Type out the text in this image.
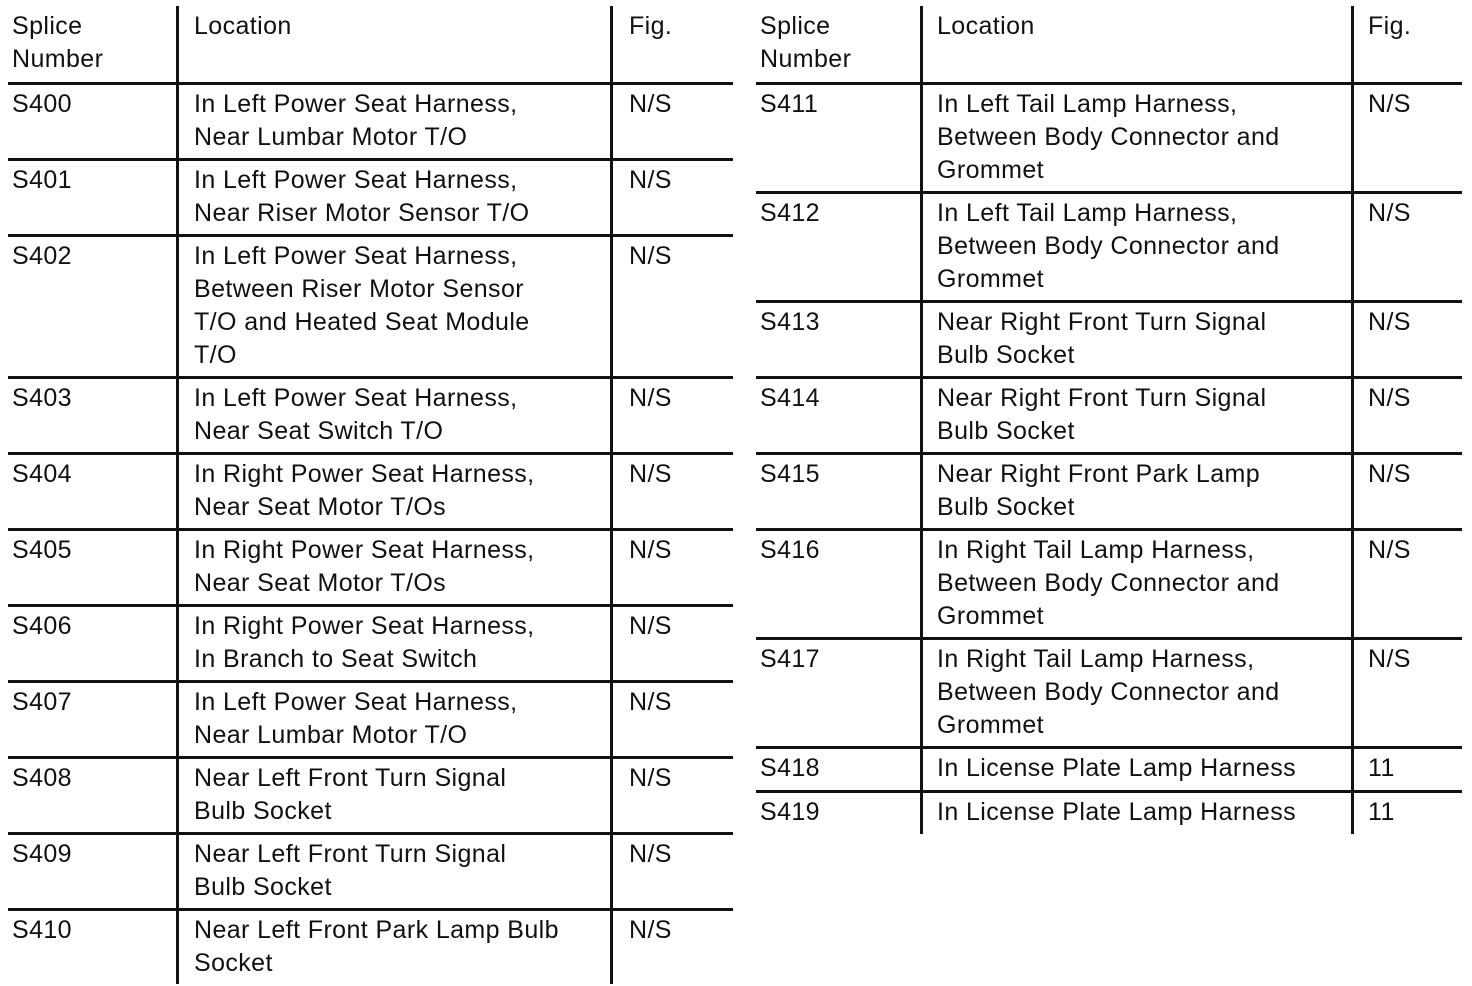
Splice
Number	Location	Fig.
S400	In Left Power Seat Harness,
Near Lumbar Motor T/O	N/S
S401	In Left Power Seat Harness,
Near Riser Motor Sensor T/O	N/S
S402	In Left Power Seat Harness,
Between Riser Motor Sensor
T/O and Heated Seat Module
T/O	N/S
S403	In Left Power Seat Harness,
Near Seat Switch T/O	N/S
S404	In Right Power Seat Harness,
Near Seat Motor T/Os	N/S
S405	In Right Power Seat Harness,
Near Seat Motor T/Os	N/S
S406	In Right Power Seat Harness,
In Branch to Seat Switch	N/S
S407	In Left Power Seat Harness,
Near Lumbar Motor T/O	N/S
S408	Near Left Front Turn Signal
Bulb Socket	N/S
S409	Near Left Front Turn Signal
Bulb Socket	N/S
S410	Near Left Front Park Lamp Bulb
Socket	N/S
Splice
Number	Location	Fig.
S411	In Left Tail Lamp Harness,
Between Body Connector and
Grommet	N/S
S412	In Left Tail Lamp Harness,
Between Body Connector and
Grommet	N/S
S413	Near Right Front Turn Signal
Bulb Socket	N/S
S414	Near Right Front Turn Signal
Bulb Socket	N/S
S415	Near Right Front Park Lamp
Bulb Socket	N/S
S416	In Right Tail Lamp Harness,
Between Body Connector and
Grommet	N/S
S417	In Right Tail Lamp Harness,
Between Body Connector and
Grommet	N/S
S418	In License Plate Lamp Harness	11
S419	In License Plate Lamp Harness	11
